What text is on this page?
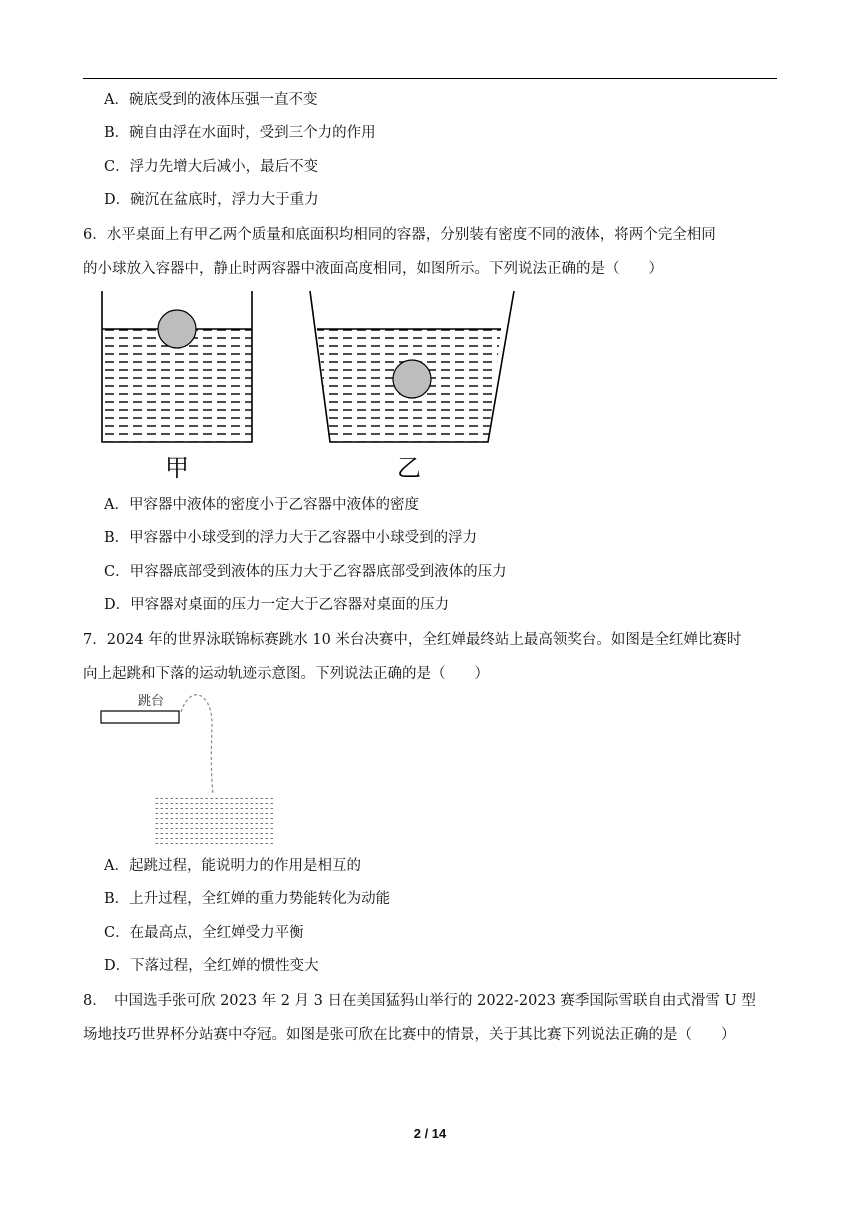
A．碗底受到的液体压强一直不变
B．碗自由浮在水面时，受到三个力的作用
C．浮力先增大后减小，最后不变
D．碗沉在盆底时，浮力大于重力
6．水平桌面上有甲乙两个质量和底面积均相同的容器，分别装有密度不同的液体，将两个完全相同
的小球放入容器中，静止时两容器中液面高度相同，如图所示。下列说法正确的是（　　）
甲	乙
A．甲容器中液体的密度小于乙容器中液体的密度
B．甲容器中小球受到的浮力大于乙容器中小球受到的浮力
C．甲容器底部受到液体的压力大于乙容器底部受到液体的压力
D．甲容器对桌面的压力一定大于乙容器对桌面的压力
7．2024 年的世界泳联锦标赛跳水 10 米台决赛中，全红婵最终站上最高领奖台。如图是全红婵比赛时
向上起跳和下落的运动轨迹示意图。下列说法正确的是（　　）
跳台
A．起跳过程，能说明力的作用是相互的
B．上升过程，全红婵的重力势能转化为动能
C．在最高点，全红婵受力平衡
D．下落过程，全红婵的惯性变大
8．　中国选手张可欣 2023 年 2 月 3 日在美国猛犸山举行的 2022-2023 赛季国际雪联自由式滑雪 U 型
场地技巧世界杯分站赛中夺冠。如图是张可欣在比赛中的情景，关于其比赛下列说法正确的是（　　）
2 / 14
